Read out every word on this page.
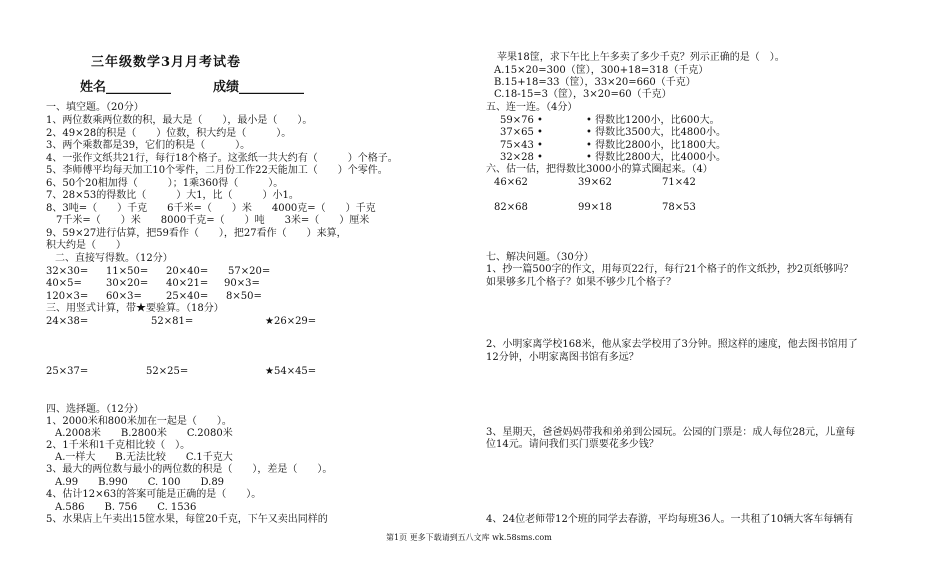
三年级数学3月月考试卷
姓名__________	成绩__________
一、填空题。（20分）
1、两位数乘两位数的积，最大是（　　），最小是（　　）。
2、49×28的积是（　　）位数，积大约是（　　　）。
3、两个乘数都是39，它们的积是（　　　）。
4、一张作文纸共21行，每行18个格子。这张纸一共大约有（　　　）个格子。
5、李师傅平均每天加工10个零件，二月份工作22天能加工（　　）个零件。
6、50个20相加得（　　　）；1乘360得（　　　）。
7、28×53的得数比（　　　）大1，比（　　　）小1。
8、3吨=（　　）千克　　6千米=（　　）米　　4000克=（　　）千克
　7千米=（　　）米　　8000千克=（　　）吨　　3米=（　　）厘米
9、59×27进行估算，把59看作（　　），把27看作（　　）来算，
积大约是（　　）
二、直接写得数。（12分）
32×30= 11×50= 20×40= 57×20=
40×5= 30×20= 40×21= 90×3=
120×3= 60×3= 25×40= 8×50=
三、用竖式计算，带★要验算。（18分）
24×38=	52×81=	★26×29=
25×37=	52×25=	★54×45=
四、选择题。（12分）
1、2000米和800米加在一起是（　　）。
A.2008米　　B.2800米　　C.2080米
2、1千米和1千克相比较（　）。
A.一样大　　B.无法比较　　C.1千克大
3、最大的两位数与最小的两位数的积是（　　），差是（　　）。
A.99　　B.990　　C. 100　　D.89
4、估计12×63的答案可能是正确的是（　　）。
A.586　　B. 756　　C. 1536
5、水果店上午卖出15筐水果，每筐20千克，下午又卖出同样的
苹果18筐，求下午比上午多卖了多少千克？列示正确的是（　）。
A.15×20=300（筐），300+18=318（千克）
B.15+18=33（筐），33×20=660（千克）
C.18-15=3（筐），3×20=60（千克）
五、连一连。（4分）
59×76 •	• 得数比1200小，比600大。
37×65 •	• 得数比3500大，比4800小。
75×43 •	• 得数比2800小，比1800大。
32×28 •	• 得数比2800大，比4000小。
六、估一估，把得数比3000小的算式圈起来。（4）
46×62	39×62	71×42
82×68	99×18	78×53
七、解决问题。（30分）
1、抄一篇500字的作文，用每页22行，每行21个格子的作文纸抄，抄2页纸够吗？
如果够多几个格子？如果不够少几个格子？
2、小明家离学校168米，他从家去学校用了3分钟。照这样的速度，他去图书馆用了
12分钟，小明家离图书馆有多远？
3、星期天，爸爸妈妈带我和弟弟到公园玩。公园的门票是：成人每位28元，儿童每
位14元。请问我们买门票要花多少钱？
4、24位老师带12个班的同学去春游，平均每班36人。一共租了10辆大客车每辆有
第1页 更多下载请到五八文库 wk.58sms.com
